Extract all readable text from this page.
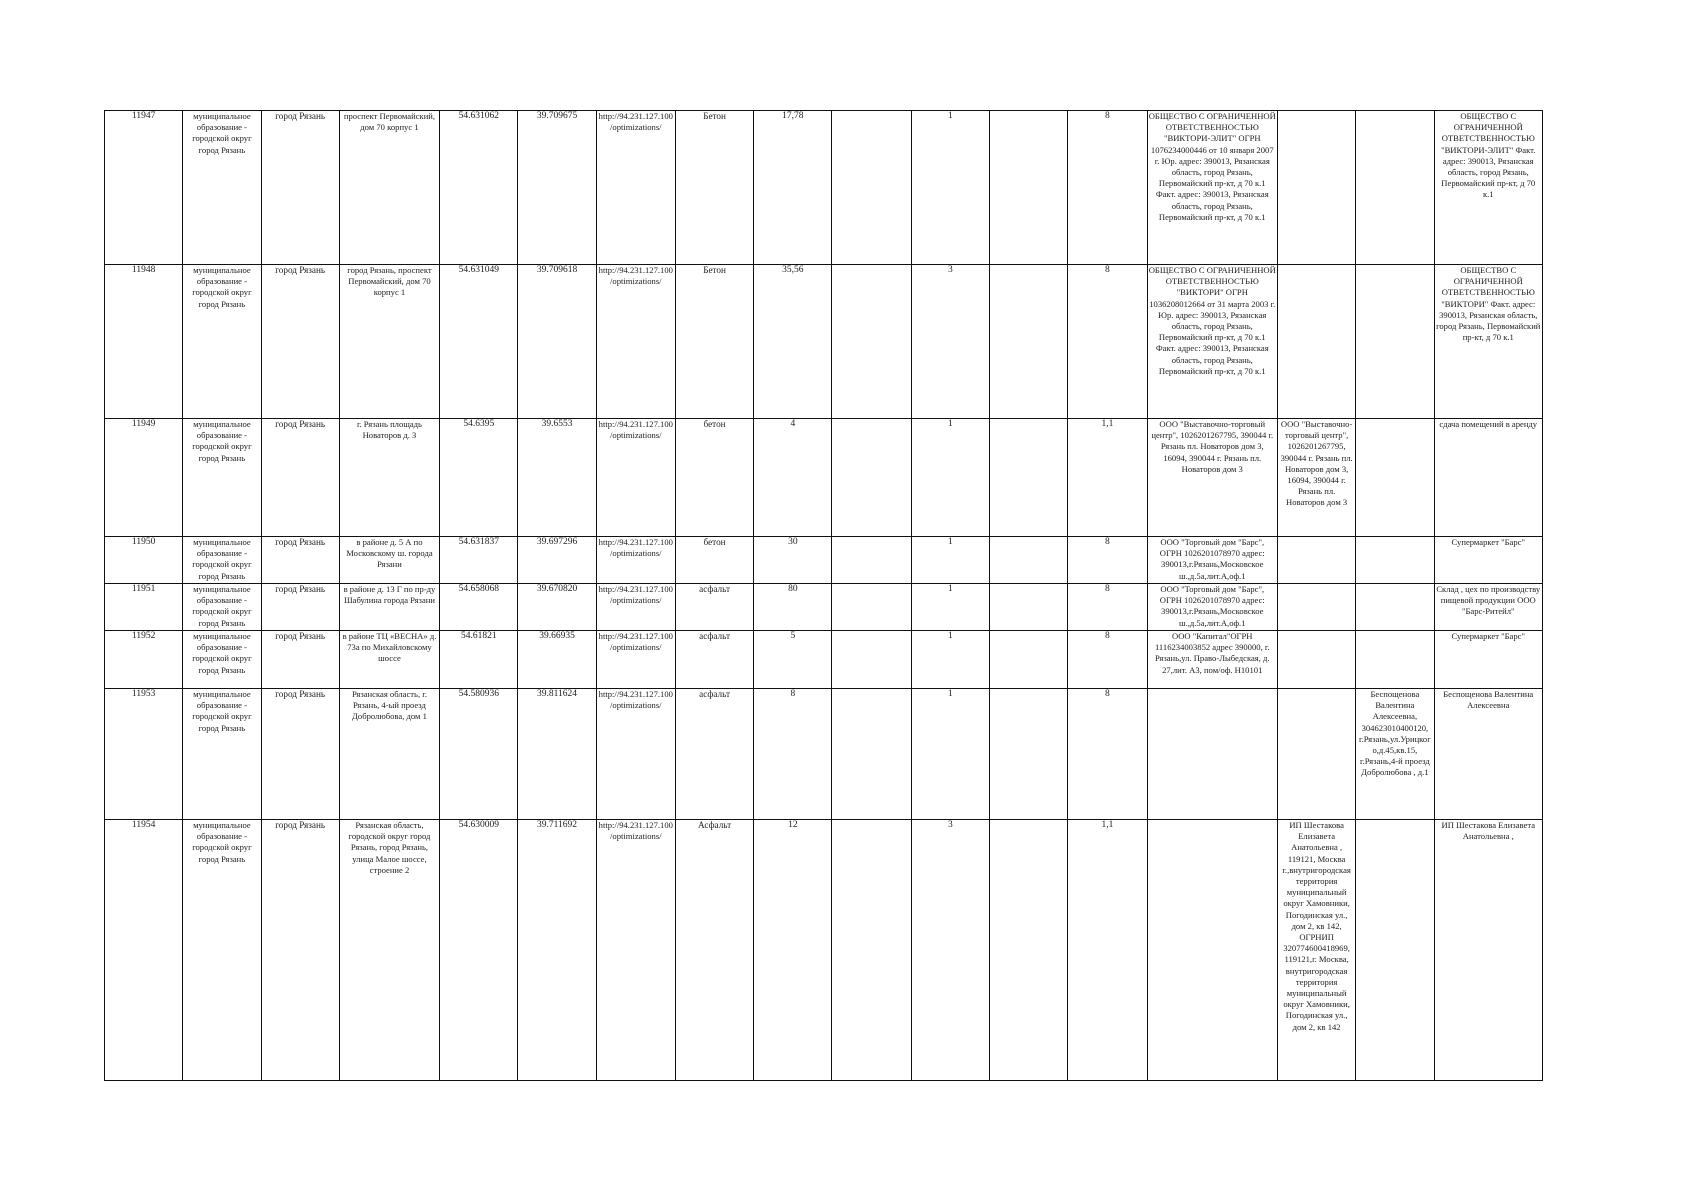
11947	муниципальное образование - городской округ город Рязань	город Рязань	проспект Первомайский, дом 70 корпус 1	54.631062	39.709675	http://94.231.127.100/optimizations/	Бетон	17,78		1		8	ОБЩЕСТВО С ОГРАНИЧЕННОЙ ОТВЕТСТВЕННОСТЬЮ "ВИКТОРИ-ЭЛИТ" ОГРН 1076234000446 от 10 января 2007 г. Юр. адрес: 390013, Рязанская область, город Рязань, Первомайский пр-кт, д 70 к.1 Факт. адрес: 390013, Рязанская область, город Рязань, Первомайский пр-кт, д 70 к.1			ОБЩЕСТВО С ОГРАНИЧЕННОЙ ОТВЕТСТВЕННОСТЬЮ "ВИКТОРИ-ЭЛИТ" Факт. адрес: 390013, Рязанская область, город Рязань, Первомайский пр-кт, д 70 к.1
11948	муниципальное образование - городской округ город Рязань	город Рязань	город Рязань, проспект Первомайский, дом 70 корпус 1	54.631049	39.709618	http://94.231.127.100/optimizations/	Бетон	35,56		3		8	ОБЩЕСТВО С ОГРАНИЧЕННОЙ ОТВЕТСТВЕННОСТЬЮ "ВИКТОРИ" ОГРН 1036208012664 от 31 марта 2003 г. Юр. адрес: 390013, Рязанская область, город Рязань, Первомайский пр-кт, д 70 к.1 Факт. адрес: 390013, Рязанская область, город Рязань, Первомайский пр-кт, д 70 к.1			ОБЩЕСТВО С ОГРАНИЧЕННОЙ ОТВЕТСТВЕННОСТЬЮ "ВИКТОРИ" Факт. адрес: 390013, Рязанская область, город Рязань, Первомайский пр-кт, д 70 к.1
11949	муниципальное образование - городской округ город Рязань	город Рязань	г. Рязань площадь Новаторов д. 3	54.6395	39.6553	http://94.231.127.100/optimizations/	бетон	4		1		1,1	ООО "Выставочно-торговый центр", 1026201267795, 390044 г. Рязань пл. Новаторов дом 3, 16094, 390044 г. Рязань пл. Новаторов дом 3	ООО "Выставочно-торговый центр", 1026201267795, 390044 г. Рязань пл. Новаторов дом 3, 16094, 390044 г. Рязань пл. Новаторов дом 3		сдача помещений в аренду
11950	муниципальное образование - городской округ город Рязань	город Рязань	в районе д. 5 А по Московскому ш. города Рязани	54.631837	39.697296	http://94.231.127.100/optimizations/	бетон	30		1		8	ООО "Торговый дом "Барс", ОГРН 1026201078970 адрес: 390013,г.Рязань,Московское ш.,д.5а,лит.А,оф.1			Супермаркет "Барс"
11951	муниципальное образование - городской округ город Рязань	город Рязань	в районе д. 13 Г по пр-ду Шабулина города Рязани	54.658068	39.670820	http://94.231.127.100/optimizations/	асфальт	80		1		8	ООО "Торговый дом "Барс", ОГРН 1026201078970 адрес: 390013,г.Рязань,Московское ш.,д.5а,лит.А,оф.1			Склад , цех по производству пищевой продукции ООО "Барс-Ритейл"
11952	муниципальное образование - городской округ город Рязань	город Рязань	в районе ТЦ «ВЕСНА» д. 73а по Михайловскому шоссе	54.61821	39.66935	http://94.231.127.100/optimizations/	асфальт	5		1		8	ООО "Капитал"ОГРН 1116234003852 адрес 390000, г. Рязань,ул. Право-Лыбедская, д. 27,лит. А3, пом/оф. Н10101			Супермаркет "Барс"
11953	муниципальное образование - городской округ город Рязань	город Рязань	Рязанская область, г. Рязань, 4-ый проезд Добролюбова, дом 1	54.580936	39.811624	http://94.231.127.100/optimizations/	асфальт	8		1		8			Беспощенова Валентина Алексеевна, 304623010400120, г.Рязань,ул.Урицкого,д.45,кв.15, г.Рязань,4-й проезд Добролюбова , д.1	Беспощенова Валентина Алексеевна
11954	муниципальное образование - городской округ город Рязань	город Рязань	Рязанская область, городской округ город Рязань, город Рязань, улица Малое шоссе, строение 2	54.630009	39.711692	http://94.231.127.100/optimizations/	Асфальт	12		3		1,1		ИП Шестакова Елизавета Анатольевна , 119121, Москва г.,внутригородская территория муниципальный округ Хамовники, Погодинская ул., дом 2, кв 142, ОГРНИП 320774600418969, 119121,г. Москва, внутригородская территория муниципальный округ Хамовники, Погодинская ул., дом 2, кв 142		ИП Шестакова Елизавета Анатольевна ,
